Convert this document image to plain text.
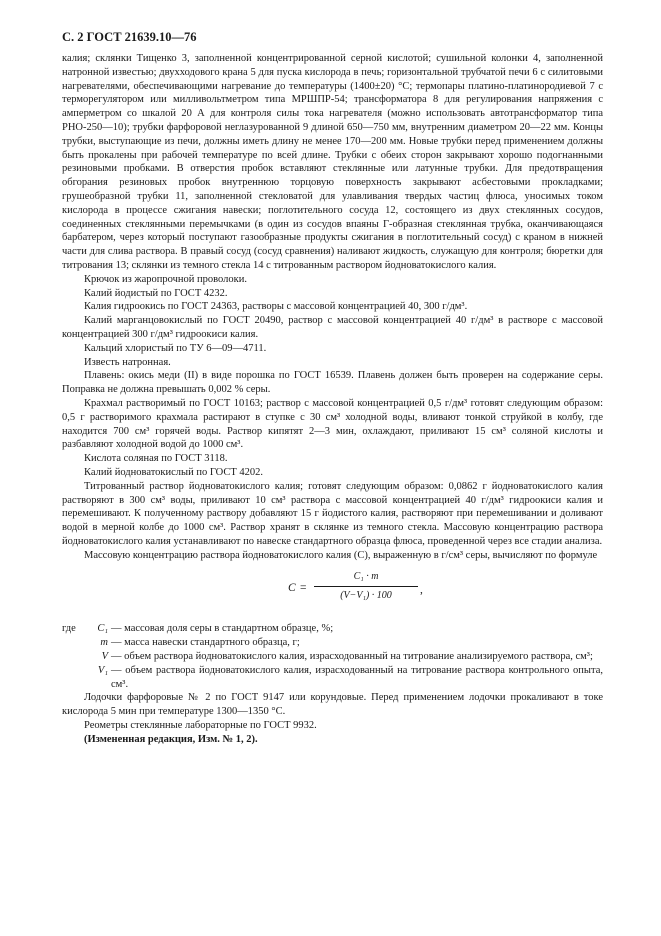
С. 2 ГОСТ 21639.10—76

калия; склянки Тищенко 3, заполненной концентрированной серной кислотой; сушильной колонки 4, заполненной натронной известью; двухходового крана 5 для пуска кислорода в печь; горизонтальной трубчатой печи 6 с силитовыми нагревателями, обеспечивающими нагревание до температуры (1400±20) °С; термопары платино-платинородиевой 7 с терморегулятором или милливольтметром типа МРШПР-54; трансформатора 8 для регулирования напряжения с амперметром со шкалой 20 А для контроля силы тока нагревателя (можно использовать автотрансформатор типа РНО-250—10); трубки фарфоровой неглазурованной 9 длиной 650—750 мм, внутренним диаметром 20—22 мм. Концы трубки, выступающие из печи, должны иметь длину не менее 170—200 мм. Новые трубки перед применением должны быть прокалены при рабочей температуре по всей длине. Трубки с обеих сторон закрывают хорошо подогнанными резиновыми пробками. В отверстия пробок вставляют стеклянные или латунные трубки. Для предотвращения обгорания резиновых пробок внутреннюю торцовую поверхность закрывают асбестовыми прокладками; грушеобразной трубки 11, заполненной стекловатой для улавливания твердых частиц флюса, уносимых током кислорода в процессе сжигания навески; поглотительного сосуда 12, состоящего из двух стеклянных сосудов, соединенных стеклянными перемычками (в один из сосудов впаяны Г-образная стеклянная трубка, оканчивающаяся барбатером, через который поступают газообразные продукты сжигания в поглотительный сосуд) с краном в нижней части для слива раствора. В правый сосуд (сосуд сравнения) наливают жидкость, служащую для контроля; бюретки для титрования 13; склянки из темного стекла 14 с титрованным раствором йодноватокислого калия.

Крючок из жаропрочной проволоки.

Калий йодистый по ГОСТ 4232.

Калия гидроокись по ГОСТ 24363, растворы с массовой концентрацией 40, 300 г/дм³.

Калий марганцовокислый по ГОСТ 20490, раствор с массовой концентрацией 40 г/дм³ в растворе с массовой концентрацией 300 г/дм³ гидроокиси калия.

Кальций хлористый по ТУ 6—09—4711.

Известь натронная.

Плавень: окись меди (II) в виде порошка по ГОСТ 16539. Плавень должен быть проверен на содержание серы. Поправка не должна превышать 0,002 % серы.

Крахмал растворимый по ГОСТ 10163; раствор с массовой концентрацией 0,5 г/дм³ готовят следующим образом: 0,5 г растворимого крахмала растирают в ступке с 30 см³ холодной воды, вливают тонкой струйкой в колбу, где находится 700 см³ горячей воды. Раствор кипятят 2—3 мин, охлаждают, приливают 15 см³ соляной кислоты и разбавляют холодной водой до 1000 см³.

Кислота соляная по ГОСТ 3118.

Калий йодноватокислый по ГОСТ 4202.

Титрованный раствор йодноватокислого калия; готовят следующим образом: 0,0862 г йодноватокислого калия растворяют в 300 см³ воды, приливают 10 см³ раствора с массовой концентрацией 40 г/дм³ гидроокиси калия и перемешивают. К полученному раствору добавляют 15 г йодистого калия, растворяют при перемешивании и доливают водой в мерной колбе до 1000 см³. Раствор хранят в склянке из темного стекла. Массовую концентрацию раствора йодноватокислого калия устанавливают по навеске стандартного образца флюса, проведенной через все стадии анализа.

Массовую концентрацию раствора йодноватокислого калия (С), выраженную в г/см³ серы, вычисляют по формуле

$C = \frac{\text{C₁ · m}}{\text{(V−V₁) · 100}}$ ,
где	C₁ — массовая доля серы в стандартном образце, %;
m — масса навески стандартного образца, г;
V — объем раствора йодноватокислого калия, израсходованный на титрование анализируемого раствора, см³;
V₁ — объем раствора йодноватокислого калия, израсходованный на титрование раствора контрольного опыта, см³.

Лодочки фарфоровые № 2 по ГОСТ 9147 или корундовые. Перед применением лодочки прокаливают в токе кислорода 5 мин при температуре 1300—1350 °С.

Реометры стеклянные лабораторные по ГОСТ 9932.

(Измененная редакция, Изм. № 1, 2).
